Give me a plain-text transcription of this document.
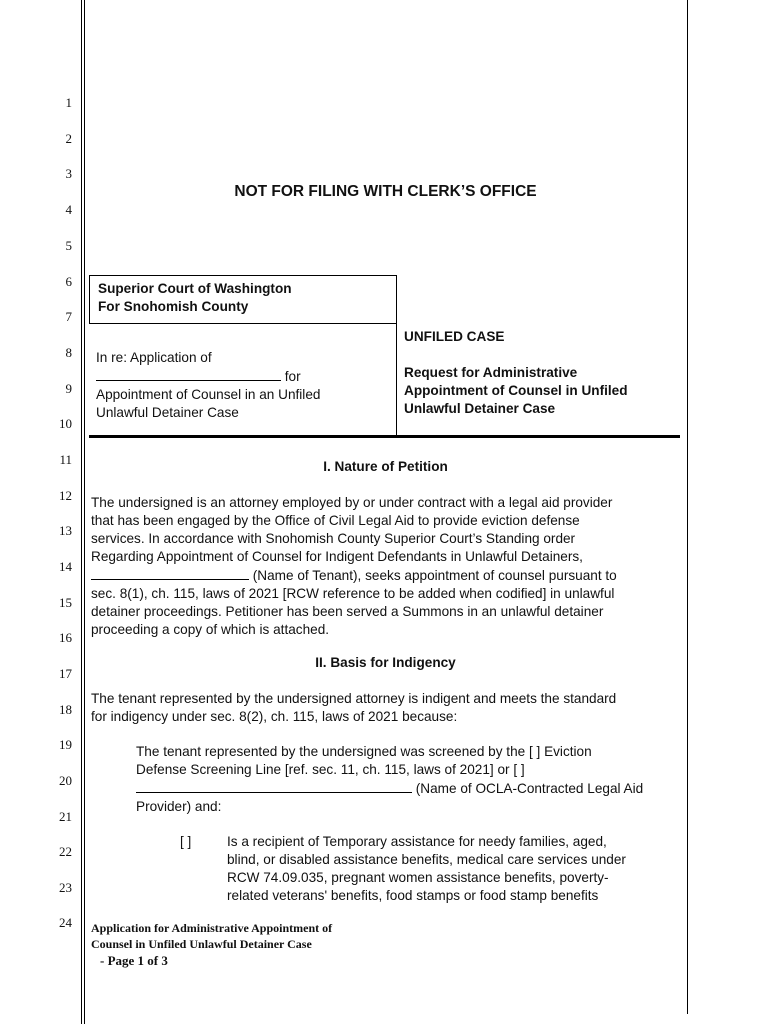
1
2
3
4
5
6
7
8
9
10
11
12
13
14
15
16
17
18
19
20
21
22
23
24
NOT FOR FILING WITH CLERK’S OFFICE
Superior Court of Washington
For Snohomish County
In re: Application of
for
Appointment of Counsel in an Unfiled
Unlawful Detainer Case
UNFILED CASE
Request for Administrative
Appointment of Counsel in Unfiled
Unlawful Detainer Case
I. Nature of Petition
The undersigned is an attorney employed by or under contract with a legal aid provider
that has been engaged by the Office of Civil Legal Aid to provide eviction defense
services. In accordance with Snohomish County Superior Court’s Standing order
Regarding Appointment of Counsel for Indigent Defendants in Unlawful Detainers,
(Name of Tenant), seeks appointment of counsel pursuant to
sec. 8(1), ch. 115, laws of 2021 [RCW reference to be added when codified] in unlawful
detainer proceedings. Petitioner has been served a Summons in an unlawful detainer
proceeding a copy of which is attached.
II. Basis for Indigency
The tenant represented by the undersigned attorney is indigent and meets the standard
for indigency under sec. 8(2), ch. 115, laws of 2021 because:
The tenant represented by the undersigned was screened by the [ ] Eviction
Defense Screening Line [ref. sec. 11, ch. 115, laws of 2021] or [ ]
(Name of OCLA-Contracted Legal Aid
Provider) and:
[ ]	Is a recipient of Temporary assistance for needy families, aged,
blind, or disabled assistance benefits, medical care services under
RCW 74.09.035, pregnant women assistance benefits, poverty-
related veterans' benefits, food stamps or food stamp benefits
Application for Administrative Appointment of
Counsel in Unfiled Unlawful Detainer Case
- Page 1 of 3
